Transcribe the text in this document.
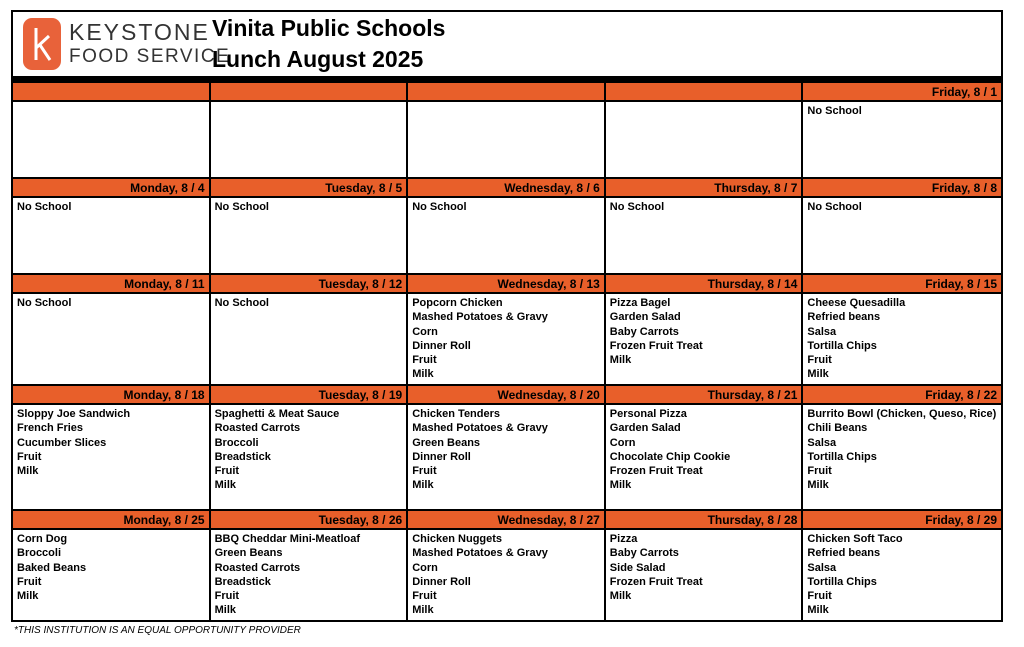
KEYSTONE
FOOD SERVICE
Vinita Public Schools
Lunch August 2025
Friday, 8 / 1
No School
Monday, 8 / 4
No School
Tuesday, 8 / 5
No School
Wednesday, 8 / 6
No School
Thursday, 8 / 7
No School
Friday, 8 / 8
No School
Monday, 8 / 11
No School
Tuesday, 8 / 12
No School
Wednesday, 8 / 13
Popcorn Chicken
Mashed Potatoes & Gravy
Corn
Dinner Roll
Fruit
Milk
Thursday, 8 / 14
Pizza Bagel
Garden Salad
Baby Carrots
Frozen Fruit Treat
Milk
Friday, 8 / 15
Cheese Quesadilla
Refried beans
Salsa
Tortilla Chips
Fruit
Milk
Monday, 8 / 18
Sloppy Joe Sandwich
French Fries
Cucumber Slices
Fruit
Milk
Tuesday, 8 / 19
Spaghetti & Meat Sauce
Roasted Carrots
Broccoli
Breadstick
Fruit
Milk
Wednesday, 8 / 20
Chicken Tenders
Mashed Potatoes & Gravy
Green Beans
Dinner Roll
Fruit
Milk
Thursday, 8 / 21
Personal Pizza
Garden Salad
Corn
Chocolate Chip Cookie
Frozen Fruit Treat
Milk
Friday, 8 / 22
Burrito Bowl (Chicken, Queso, Rice)
Chili Beans
Salsa
Tortilla Chips
Fruit
Milk
Monday, 8 / 25
Corn Dog
Broccoli
Baked Beans
Fruit
Milk
Tuesday, 8 / 26
BBQ Cheddar Mini-Meatloaf
Green Beans
Roasted Carrots
Breadstick
Fruit
Milk
Wednesday, 8 / 27
Chicken Nuggets
Mashed Potatoes & Gravy
Corn
Dinner Roll
Fruit
Milk
Thursday, 8 / 28
Pizza
Baby Carrots
Side Salad
Frozen Fruit Treat
Milk
Friday, 8 / 29
Chicken Soft Taco
Refried beans
Salsa
Tortilla Chips
Fruit
Milk
*THIS INSTITUTION IS AN EQUAL OPPORTUNITY PROVIDER
